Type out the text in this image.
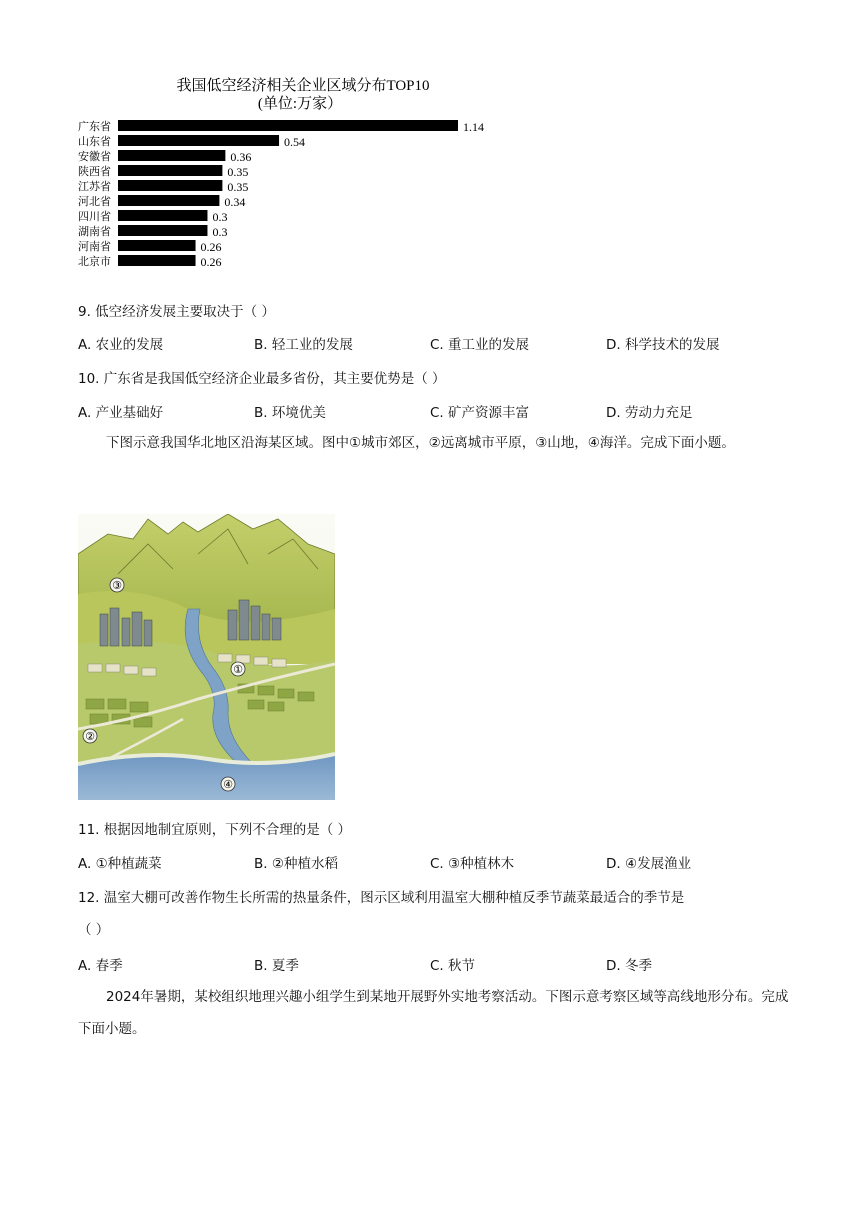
我国低空经济相关企业区域分布TOP10
(单位:万家）
广东省	1.14
山东省	0.54
安徽省	0.36
陕西省	0.35
江苏省	0.35
河北省	0.34
四川省	0.3
湖南省	0.3
河南省	0.26
北京市	0.26
9. 低空经济发展主要取决于（ ）
A. 农业的发展	B. 轻工业的发展	C. 重工业的发展	D. 科学技术的发展
10. 广东省是我国低空经济企业最多省份，其主要优势是（ ）
A. 产业基础好	B. 环境优美	C. 矿产资源丰富	D. 劳动力充足
下图示意我国华北地区沿海某区域。图中①城市郊区，②远离城市平原，③山地，④海洋。完成下面小题。
③
①
②
④
11. 根据因地制宜原则，下列不合理的是（ ）
A. ①种植蔬菜	B. ②种植水稻	C. ③种植林木	D. ④发展渔业
12. 温室大棚可改善作物生长所需的热量条件，图示区域利用温室大棚种植反季节蔬菜最适合的季节是
（ ）
A. 春季	B. 夏季	C. 秋节	D. 冬季
2024年暑期，某校组织地理兴趣小组学生到某地开展野外实地考察活动。下图示意考察区域等高线地形分布。完成下面小题。
